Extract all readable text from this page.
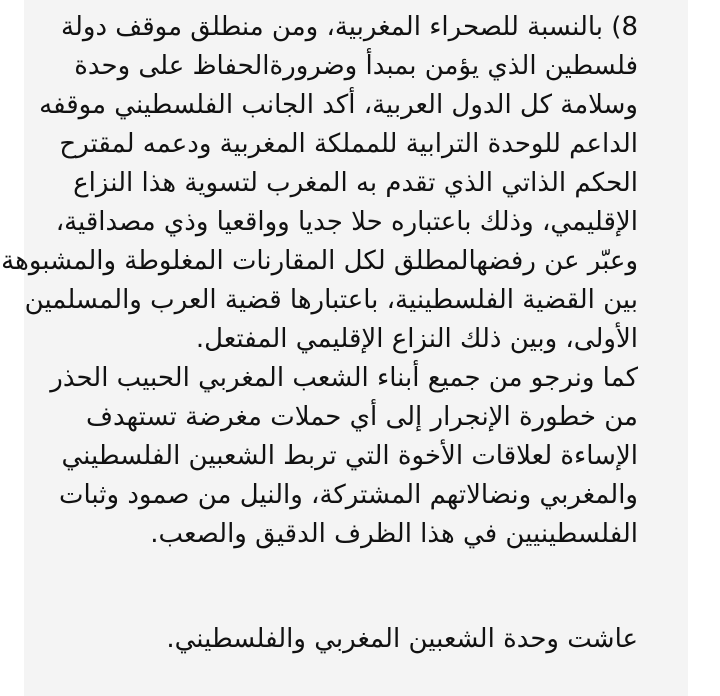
8) بالنسبة للصحراء المغربية، ومن منطلق موقف دولة
فلسطين الذي يؤمن بمبدأ وضرورةالحفاظ على وحدة
وسلامة كل الدول العربية، أكد الجانب الفلسطيني موقفه
الداعم للوحدة الترابية للمملكة المغربية ودعمه لمقترح
الحكم الذاتي الذي تقدم به المغرب لتسوية هذا النزاع
الإقليمي، وذلك باعتباره حلا جديا وواقعيا وذي مصداقية،
وعبّر عن رفضهالمطلق لكل المقارنات المغلوطة والمشبوهة
بين القضية الفلسطينية، باعتبارها قضية العرب والمسلمين
الأولى، وبين ذلك النزاع الإقليمي المفتعل.
كما ونرجو من جميع أبناء الشعب المغربي الحبيب الحذر
من خطورة الإنجرار إلى أي حملات مغرضة تستهدف
الإساءة لعلاقات الأخوة التي تربط الشعبين الفلسطيني
والمغربي ونضالاتهم المشتركة، والنيل من صمود وثبات
الفلسطينيين في هذا الظرف الدقيق والصعب.
عاشت وحدة الشعبين المغربي والفلسطيني.
